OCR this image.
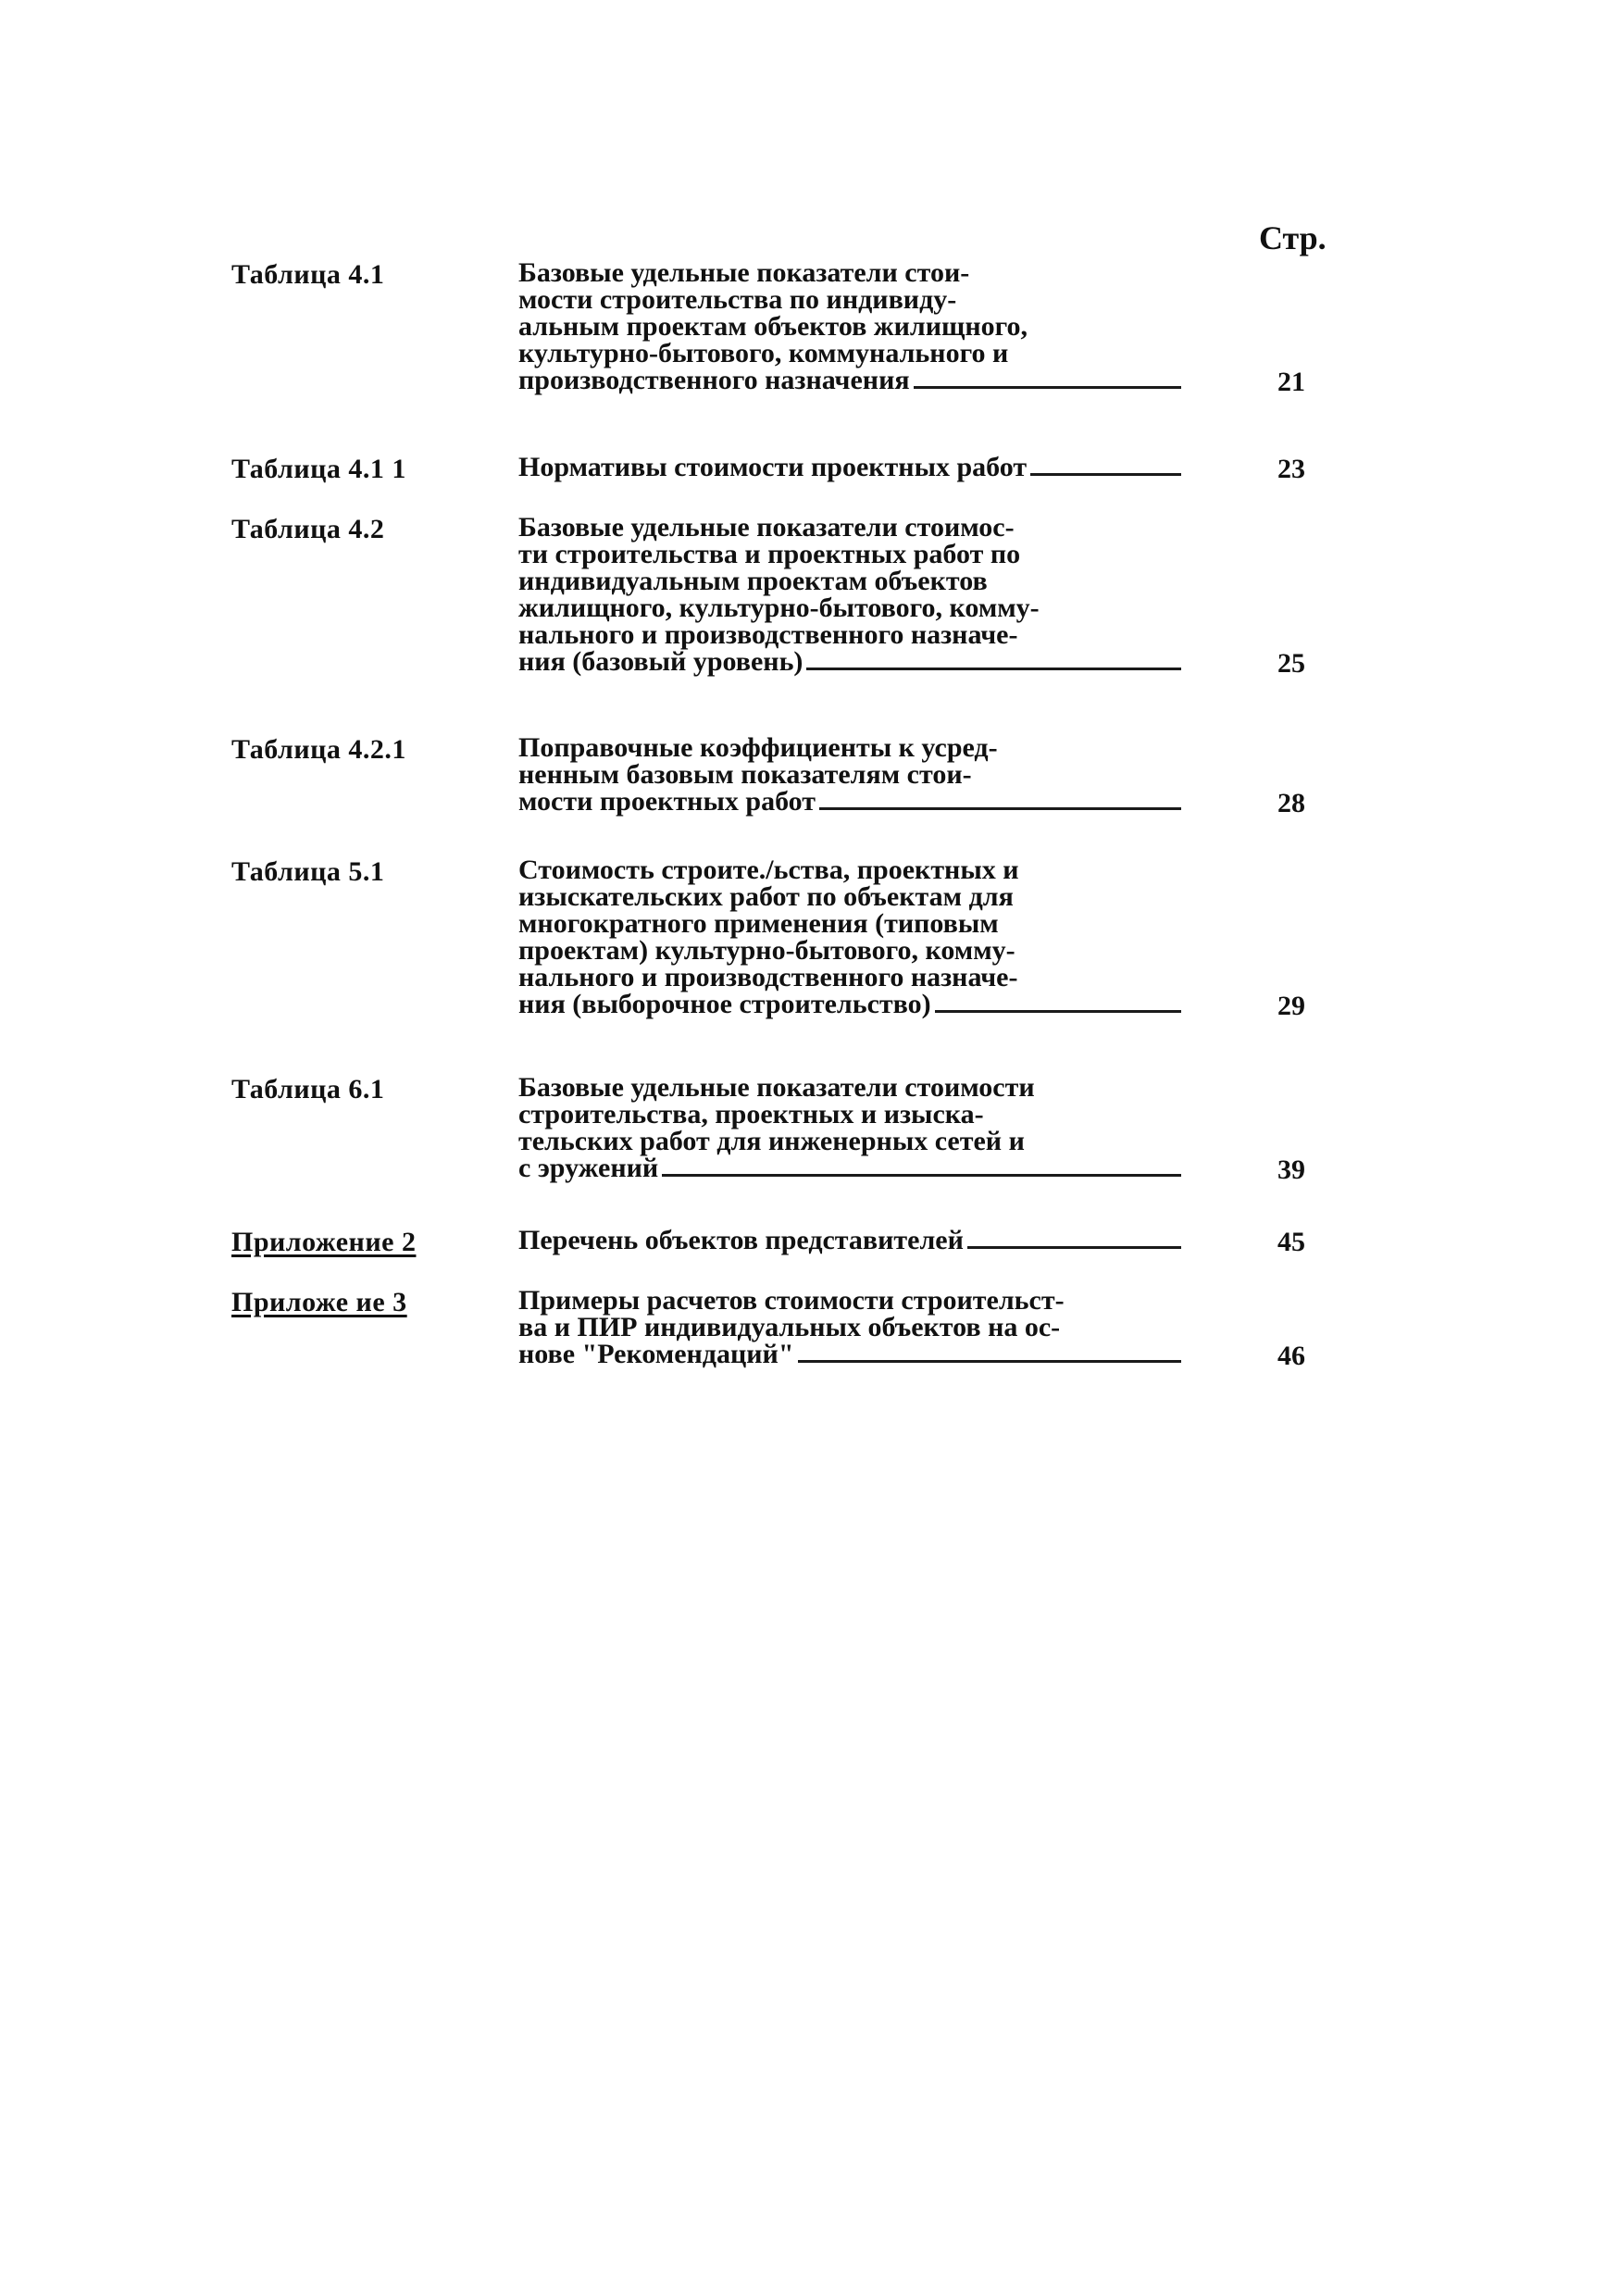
Стр.
Таблица 4.1	Базовые удельные показатели стои-
мости строительства по индивиду-
альным проектам объектов жилищного,
культурно-бытового, коммунального и
производственного назначения	21
Таблица 4.1 1	Нормативы стоимости проектных работ	23
Таблица 4.2	Базовые удельные показатели стоимос-
ти строительства и проектных работ по
индивидуальным проектам объектов
жилищного, культурно-бытового, комму-
нального и производственного назначе-
ния (базовый уровень)	25
Таблица 4.2.1	Поправочные коэффициенты к усред-
ненным базовым показателям стои-
мости проектных работ	28
Таблица 5.1	Стоимость строите./ьства, проектных и
изыскательских работ по объектам для
многократного применения (типовым
проектам) культурно-бытового, комму-
нального и производственного назначе-
ния (выборочное строительство)	29
Таблица 6.1	Базовые удельные показатели стоимости
строительства, проектных и изыска-
тельских работ для инженерных сетей и
с эружений	39
Приложение 2	Перечень объектов представителей	45
Приложе ие 3	Примеры расчетов стоимости строительст-
ва и ПИР индивидуальных объектов на ос-
нове "Рекомендаций"	46
